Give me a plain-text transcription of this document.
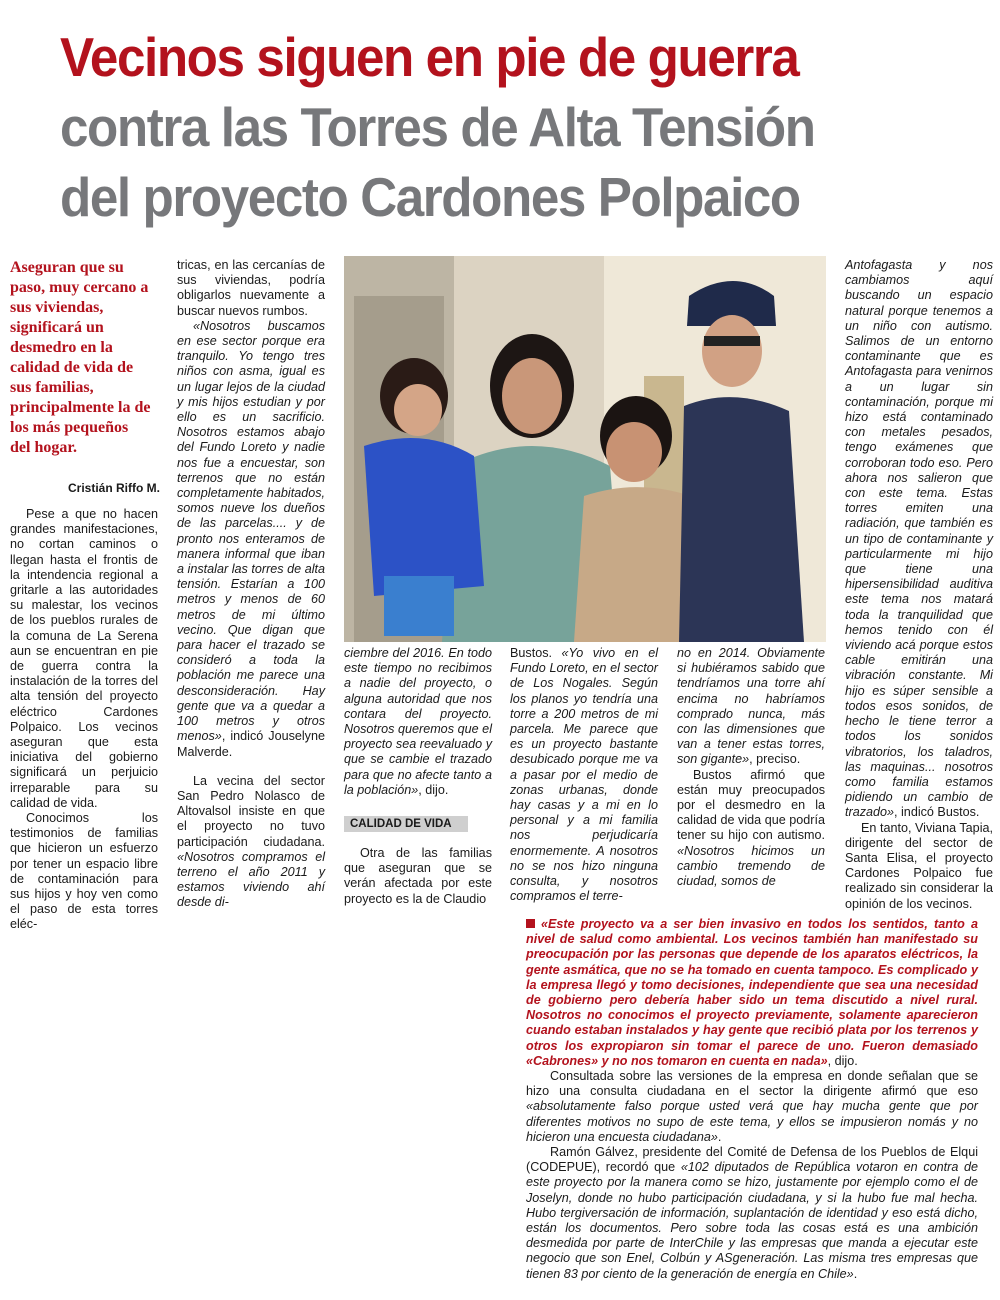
Vecinos siguen en pie de guerra
contra las Torres de Alta Tensión
del proyecto Cardones Polpaico
Aseguran que su paso, muy cercano a sus viviendas, significará un desmedro en la calidad de vida de sus familias, principalmente la de los más pequeños del hogar.
Cristián Riffo M.

Pese a que no hacen grandes manifestaciones, no cortan caminos o llegan hasta el frontis de la intendencia regional a gritarle a las autoridades su malestar, los vecinos de los pueblos rurales de la comuna de La Serena aun se encuentran en pie de guerra contra la instalación de la torres del alta tensión del proyecto eléctrico Cardones Polpaico. Los vecinos aseguran que esta iniciativa del gobierno significará un perjuicio irreparable para su calidad de vida.

Conocimos los testimonios de familias que hicieron un esfuerzo por tener un espacio libre de contaminación para sus hijos y hoy ven como el paso de esta torres eléc-

tricas, en las cercanías de sus viviendas, podría obligarlos nuevamente a buscar nuevos rumbos.

«Nosotros buscamos en ese sector porque era tranquilo. Yo tengo tres niños con asma, igual es un lugar lejos de la ciudad y mis hijos estudian y por ello es un sacrificio. Nosotros estamos abajo del Fundo Loreto y nadie nos fue a encuestar, son terrenos que no están completamente habitados, somos nueve los dueños de las parcelas.... y de pronto nos enteramos de manera informal que iban a instalar las torres de alta tensión. Estarían a 100 metros y menos de 60 metros de mi último vecino. Que digan que para hacer el trazado se consideró a toda la población me parece una desconsideración. Hay gente que va a quedar a 100 metros y otros menos», indicó Jouselyne Malverde.

La vecina del sector San Pedro Nolasco de Altovalsol insiste en que el proyecto no tuvo participación ciudadana. «Nosotros compramos el terreno el año 2011 y estamos viviendo ahí desde di-

ciembre del 2016. En todo este tiempo no recibimos a nadie del proyecto, o alguna autoridad que nos contara del proyecto. Nosotros queremos que el proyecto sea reevaluado y que se cambie el trazado para que no afecte tanto a la población», dijo.

CALIDAD DE VIDA

Otra de las familias que aseguran que se verán afectada por este proyecto es la de Claudio

Bustos. «Yo vivo en el Fundo Loreto, en el sector de Los Nogales. Según los planos yo tendría una torre a 200 metros de mi parcela. Me parece que es un proyecto bastante desubicado porque me va a pasar por el medio de zonas urbanas, donde hay casas y a mi en lo personal y a mi familia nos perjudicaría enormemente. A nosotros no se nos hizo ninguna consulta, y nosotros compramos el terre-

no en 2014. Obviamente si hubiéramos sabido que tendríamos una torre ahí encima no habríamos comprado nunca, más con las dimensiones que van a tener estas torres, son gigante», preciso.

Bustos afirmó que están muy preocupados por el desmedro en la calidad de vida que podría tener su hijo con autismo. «Nosotros hicimos un cambio tremendo de ciudad, somos de

Antofagasta y nos cambiamos aquí buscando un espacio natural porque tenemos a un niño con autismo. Salimos de un entorno contaminante que es Antofagasta para venirnos a un lugar sin contaminación, porque mi hizo está contaminado con metales pesados, tengo exámenes que corroboran todo eso. Pero ahora nos salieron que con este tema. Estas torres emiten una radiación, que también es un tipo de contaminante y particularmente mi hijo que tiene una hipersensibilidad auditiva este tema nos matará toda la tranquilidad que hemos tenido con él viviendo acá porque estos cable emitirán una vibración constante. Mi hijo es súper sensible a todos esos sonidos, de hecho le tiene terror a todos los sonidos vibratorios, los taladros, las maquinas... nosotros como familia estamos pidiendo un cambio de trazado», indicó Bustos.

En tanto, Viviana Tapia, dirigente del sector de Santa Elisa, el proyecto Cardones Polpaico fue realizado sin considerar la opinión de los vecinos.

«Este proyecto va a ser bien invasivo en todos los sentidos, tanto a nivel de salud como ambiental. Los vecinos también han manifestado su preocupación por las personas que depende de los aparatos eléctricos, la gente asmática, que no se ha tomado en cuenta tampoco. Es complicado y la empresa llegó y tomo decisiones, independiente que sea una necesidad de gobierno pero debería haber sido un tema discutido a nivel rural. Nosotros no conocimos el proyecto previamente, solamente aparecieron cuando estaban instalados y hay gente que recibió plata por los terrenos y otros los expropiaron sin tomar el parece de uno. Fueron demasiado «Cabrones» y no nos tomaron en cuenta en nada», dijo.

Consultada sobre las versiones de la empresa en donde señalan que se hizo una consulta ciudadana en el sector la dirigente afirmó que eso «absolutamente falso porque usted verá que hay mucha gente que por diferentes motivos no supo de este tema, y ellos se impusieron nomás y no hicieron una encuesta ciudadana».

Ramón Gálvez, presidente del Comité de Defensa de los Pueblos de Elqui (CODEPUE), recordó que «102 diputados de República votaron en contra de este proyecto por la manera como se hizo, justamente por ejemplo como el de Joselyn, donde no hubo participación ciudadana, y si la hubo fue mal hecha. Hubo tergiversación de información, suplantación de identidad y eso está dicho, están los documentos. Pero sobre toda las cosas está es una ambición desmedida por parte de InterChile y las empresas que manda a ejecutar este negocio que son Enel, Colbún y ASgeneración. Las misma tres empresas que tienen 83 por ciento de la generación de energía en Chile».
